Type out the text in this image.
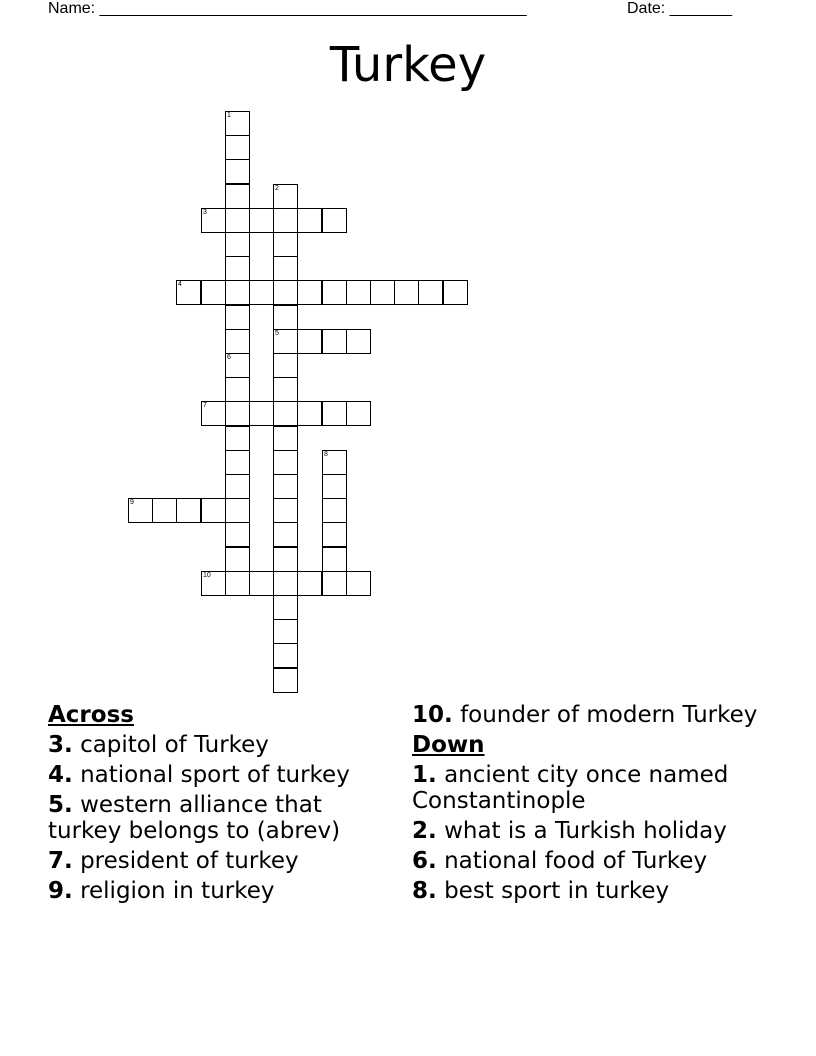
Name: ________________________________________________	Date: _______
Turkey
1
6
2
5
3
4
7
8
9
10
Across
3. capitol of Turkey
4. national sport of turkey
5. western alliance that turkey belongs to (abrev)
7. president of turkey
9. religion in turkey
10. founder of modern Turkey
Down
1. ancient city once named Constantinople
2. what is a Turkish holiday
6. national food of Turkey
8. best sport in turkey
